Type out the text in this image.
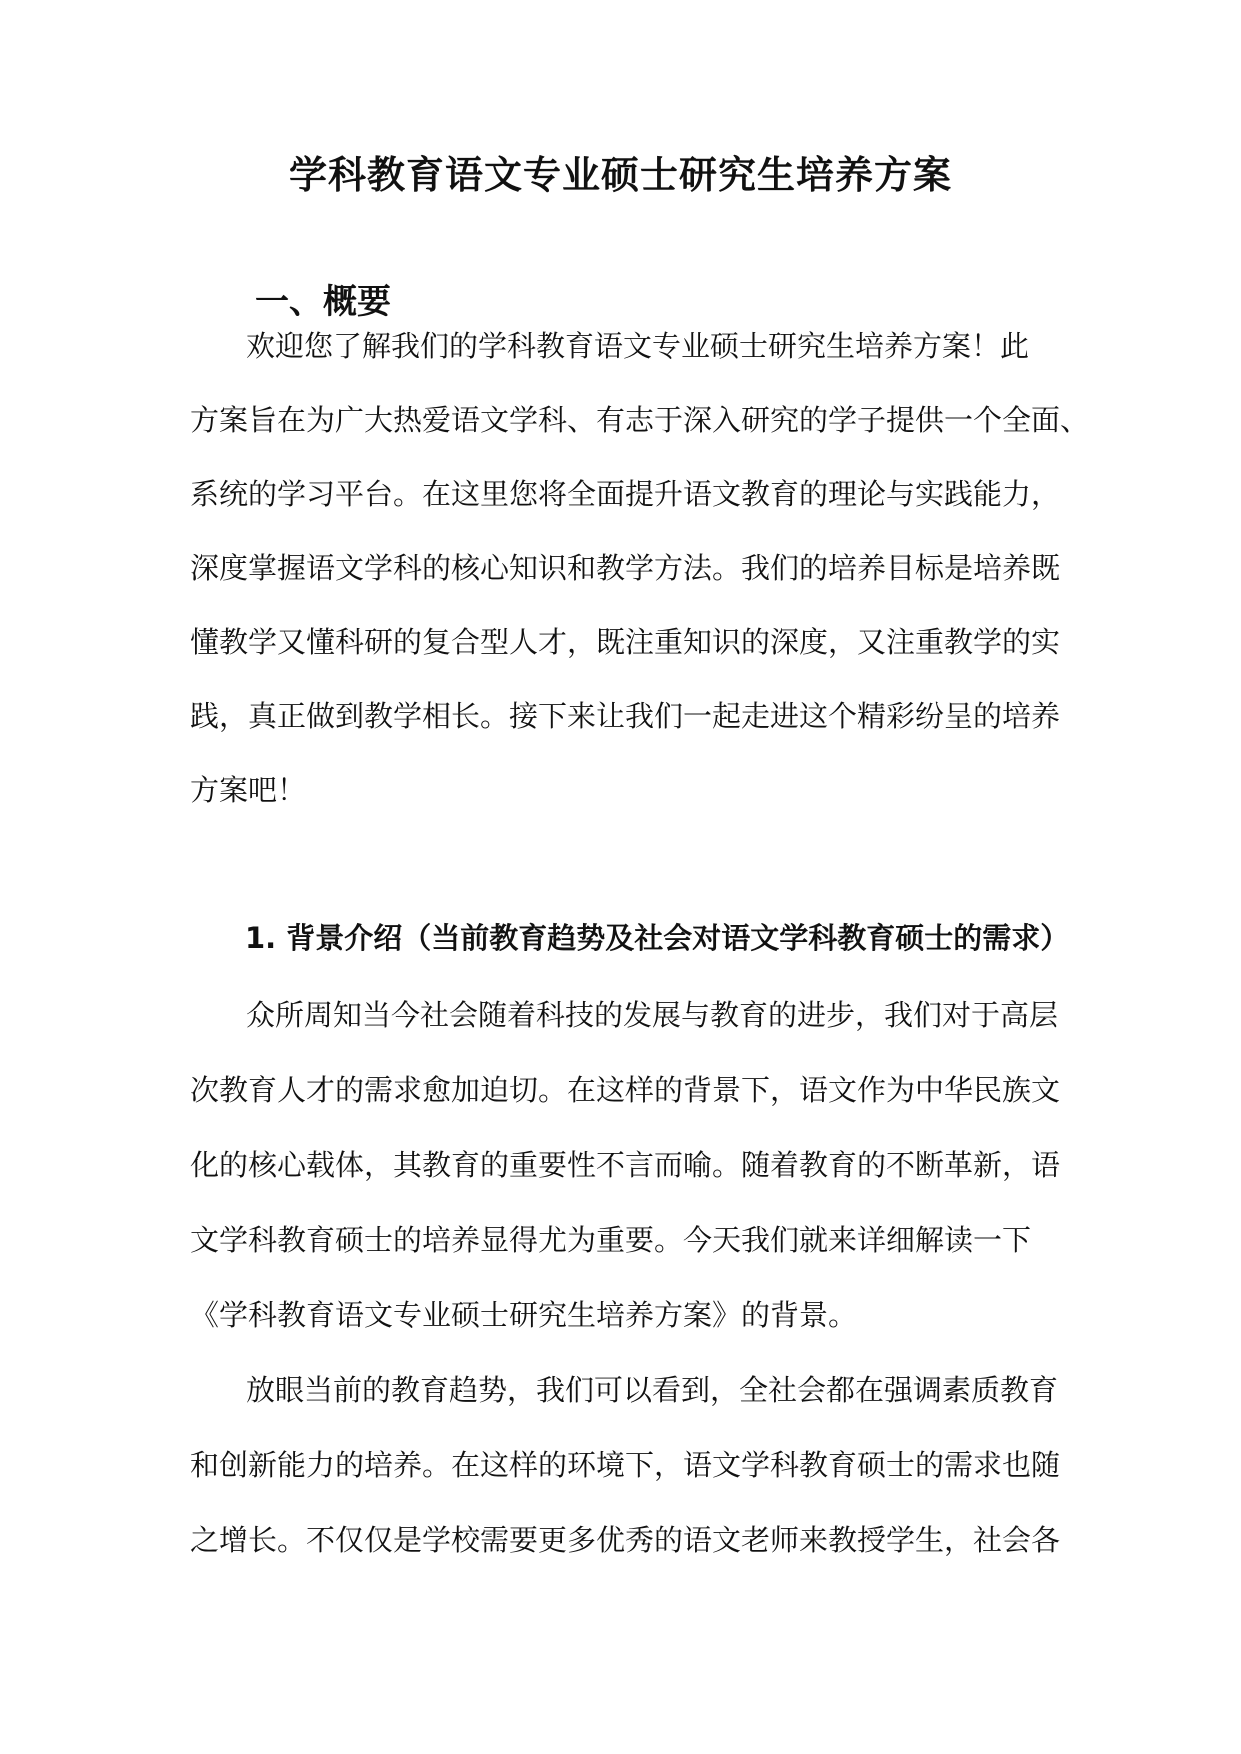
学科教育语文专业硕士研究生培养方案
一、概要
欢迎您了解我们的学科教育语文专业硕士研究生培养方案！此
方案旨在为广大热爱语文学科、有志于深入研究的学子提供一个全面、
系统的学习平台。在这里您将全面提升语文教育的理论与实践能力，
深度掌握语文学科的核心知识和教学方法。我们的培养目标是培养既
懂教学又懂科研的复合型人才，既注重知识的深度，又注重教学的实
践，真正做到教学相长。接下来让我们一起走进这个精彩纷呈的培养
方案吧！
1. 背景介绍（当前教育趋势及社会对语文学科教育硕士的需求）
众所周知当今社会随着科技的发展与教育的进步，我们对于高层
次教育人才的需求愈加迫切。在这样的背景下，语文作为中华民族文
化的核心载体，其教育的重要性不言而喻。随着教育的不断革新，语
文学科教育硕士的培养显得尤为重要。今天我们就来详细解读一下
《学科教育语文专业硕士研究生培养方案》的背景。
放眼当前的教育趋势，我们可以看到，全社会都在强调素质教育
和创新能力的培养。在这样的环境下，语文学科教育硕士的需求也随
之增长。不仅仅是学校需要更多优秀的语文老师来教授学生，社会各
